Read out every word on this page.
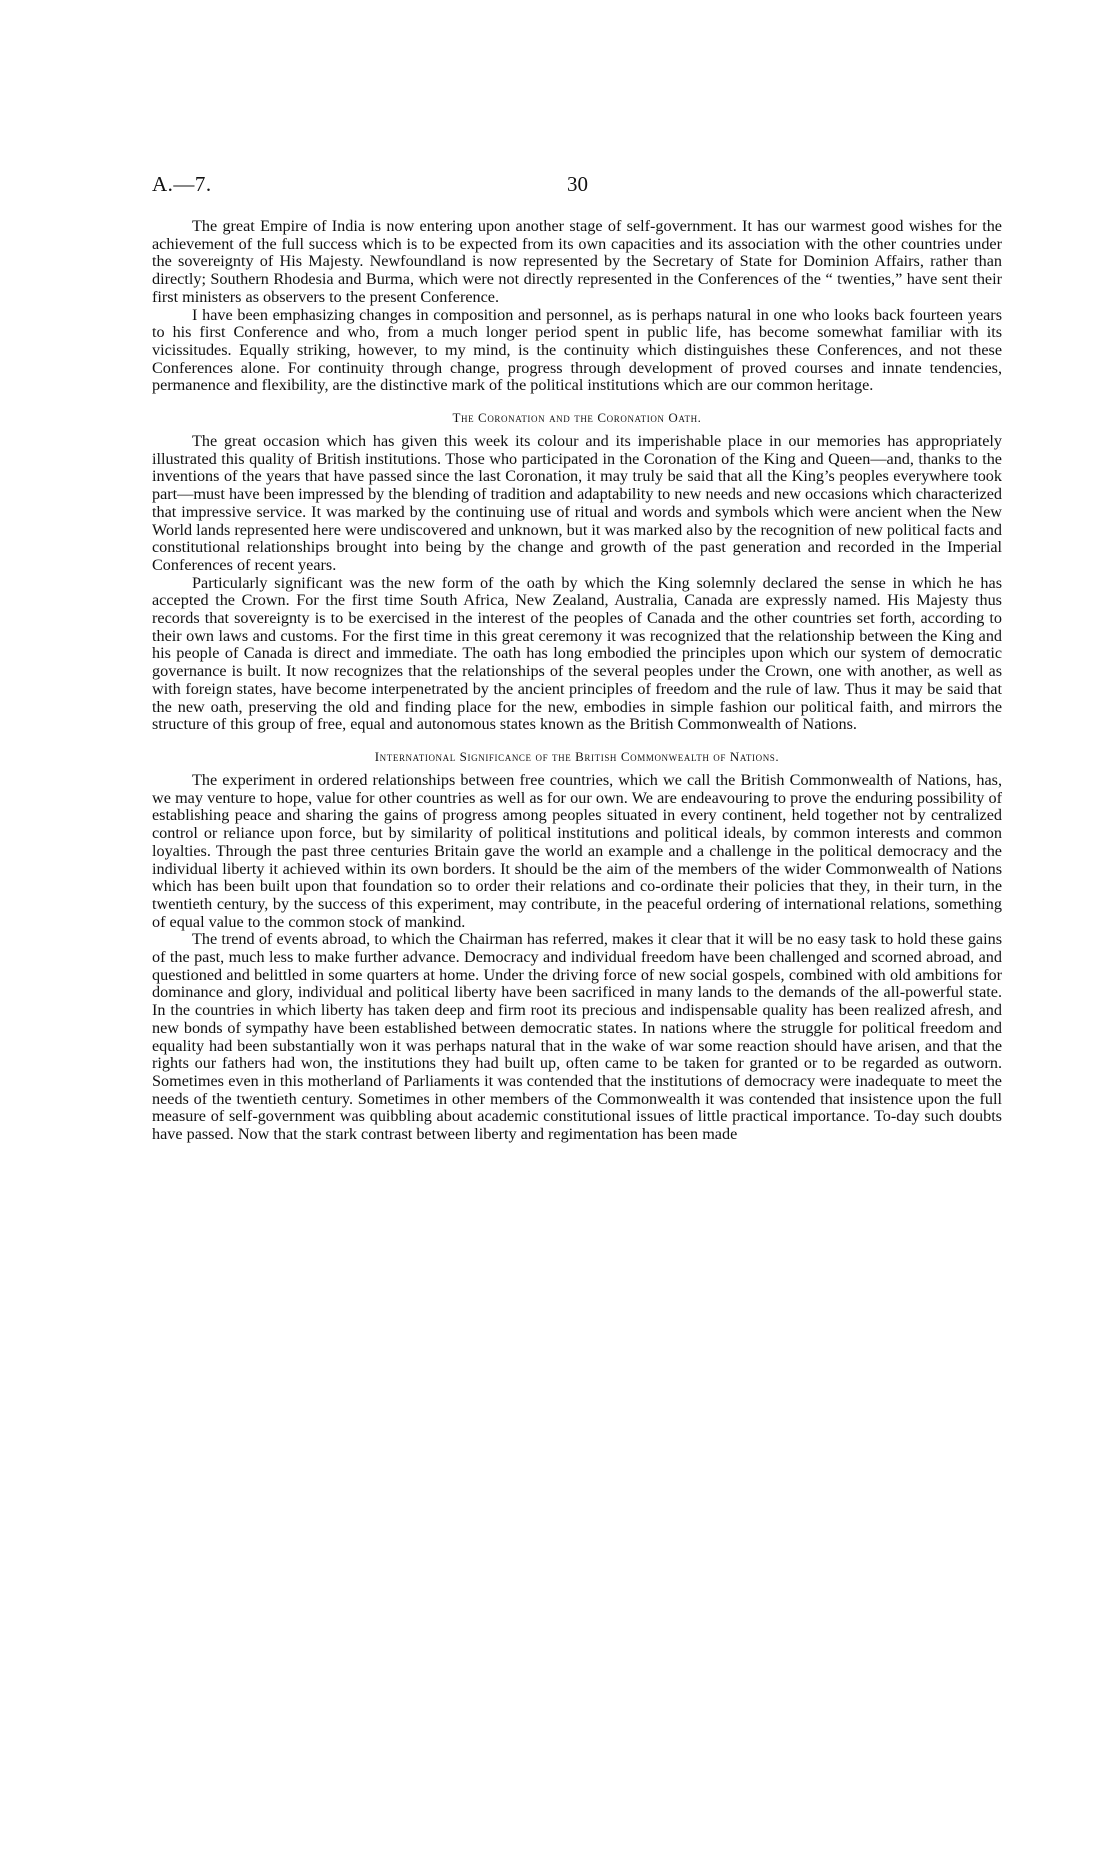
A.—7.	30

The great Empire of India is now entering upon another stage of self-government. It has our warmest good wishes for the achievement of the full success which is to be expected from its own capacities and its association with the other countries under the sovereignty of His Majesty. Newfoundland is now represented by the Secretary of State for Dominion Affairs, rather than directly; Southern Rhodesia and Burma, which were not directly represented in the Conferences of the “ twenties,” have sent their first ministers as observers to the present Conference.

I have been emphasizing changes in composition and personnel, as is perhaps natural in one who looks back fourteen years to his first Conference and who, from a much longer period spent in public life, has become somewhat familiar with its vicissitudes. Equally striking, however, to my mind, is the continuity which distinguishes these Conferences, and not these Conferences alone. For continuity through change, progress through development of proved courses and innate tendencies, permanence and flexibility, are the distinctive mark of the political institutions which are our common heritage.

The Coronation and the Coronation Oath.

The great occasion which has given this week its colour and its imperishable place in our memories has appropriately illustrated this quality of British institutions. Those who participated in the Coronation of the King and Queen—and, thanks to the inventions of the years that have passed since the last Coronation, it may truly be said that all the King’s peoples everywhere took part—must have been impressed by the blending of tradition and adaptability to new needs and new occasions which characterized that impressive service. It was marked by the continuing use of ritual and words and symbols which were ancient when the New World lands represented here were undiscovered and unknown, but it was marked also by the recognition of new political facts and constitutional relationships brought into being by the change and growth of the past generation and recorded in the Imperial Conferences of recent years.

Particularly significant was the new form of the oath by which the King solemnly declared the sense in which he has accepted the Crown. For the first time South Africa, New Zealand, Australia, Canada are expressly named. His Majesty thus records that sovereignty is to be exercised in the interest of the peoples of Canada and the other countries set forth, according to their own laws and customs. For the first time in this great ceremony it was recognized that the relationship between the King and his people of Canada is direct and immediate. The oath has long embodied the principles upon which our system of democratic governance is built. It now recognizes that the relationships of the several peoples under the Crown, one with another, as well as with foreign states, have become interpenetrated by the ancient principles of freedom and the rule of law. Thus it may be said that the new oath, preserving the old and finding place for the new, embodies in simple fashion our political faith, and mirrors the structure of this group of free, equal and autonomous states known as the British Commonwealth of Nations.

International Significance of the British Commonwealth of Nations.

The experiment in ordered relationships between free countries, which we call the British Commonwealth of Nations, has, we may venture to hope, value for other countries as well as for our own. We are endeavouring to prove the enduring possibility of establishing peace and sharing the gains of progress among peoples situated in every continent, held together not by centralized control or reliance upon force, but by similarity of political institutions and political ideals, by common interests and common loyalties. Through the past three centuries Britain gave the world an example and a challenge in the political democracy and the individual liberty it achieved within its own borders. It should be the aim of the members of the wider Commonwealth of Nations which has been built upon that foundation so to order their relations and co-ordinate their policies that they, in their turn, in the twentieth century, by the success of this experiment, may contribute, in the peaceful ordering of international relations, something of equal value to the common stock of mankind.

The trend of events abroad, to which the Chairman has referred, makes it clear that it will be no easy task to hold these gains of the past, much less to make further advance. Democracy and individual freedom have been challenged and scorned abroad, and questioned and belittled in some quarters at home. Under the driving force of new social gospels, combined with old ambitions for dominance and glory, individual and political liberty have been sacrificed in many lands to the demands of the all-powerful state. In the countries in which liberty has taken deep and firm root its precious and indispensable quality has been realized afresh, and new bonds of sympathy have been established between democratic states. In nations where the struggle for political freedom and equality had been substantially won it was perhaps natural that in the wake of war some reaction should have arisen, and that the rights our fathers had won, the institutions they had built up, often came to be taken for granted or to be regarded as outworn. Sometimes even in this motherland of Parliaments it was contended that the institutions of democracy were inadequate to meet the needs of the twentieth century. Sometimes in other members of the Commonwealth it was contended that insistence upon the full measure of self-government was quibbling about academic constitutional issues of little practical importance. To-day such doubts have passed. Now that the stark contrast between liberty and regimentation has been made
